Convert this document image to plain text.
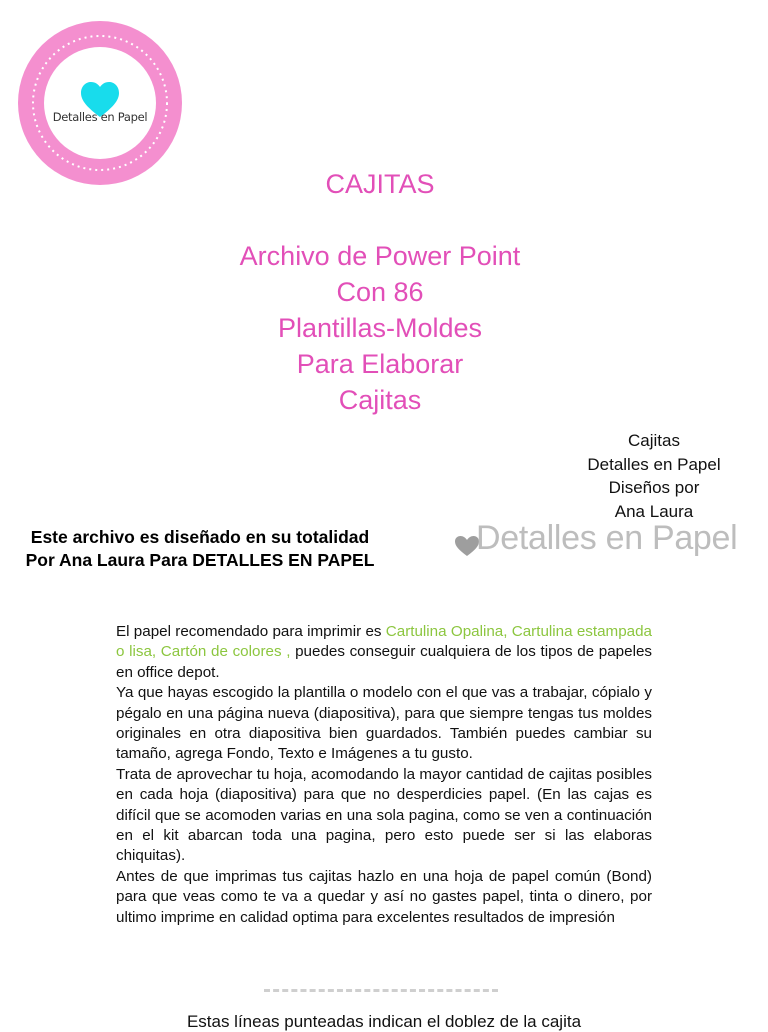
Detalles en Papel
CAJITAS
Archivo de Power Point
Con 86
Plantillas-Moldes
Para Elaborar
Cajitas
Cajitas
Detalles en Papel
Diseños por
Ana Laura
Este archivo es diseñado en su totalidad
Por Ana Laura Para DETALLES EN PAPEL
Detalles en Papel

El papel recomendado para imprimir es Cartulina Opalina, Cartulina estampada o lisa, Cartón de colores , puedes conseguir cualquiera de los tipos de papeles en office depot.

Ya que hayas escogido la plantilla o modelo con el que vas a trabajar, cópialo y pégalo en una página nueva (diapositiva), para que siempre tengas tus moldes originales en otra diapositiva bien guardados. También puedes cambiar su tamaño, agrega Fondo, Texto e Imágenes a tu gusto.

Trata de aprovechar tu hoja, acomodando la mayor cantidad de cajitas posibles en cada hoja (diapositiva) para que no desperdicies papel. (En las cajas es difícil que se acomoden varias en una sola pagina, como se ven a continuación en el kit abarcan toda una pagina, pero esto puede ser si las elaboras chiquitas).

Antes de que imprimas tus cajitas hazlo en una hoja de papel común (Bond) para que veas como te va a quedar y así no gastes papel, tinta o dinero, por ultimo imprime en calidad optima para excelentes resultados de impresión

Estas líneas punteadas indican el doblez de la cajita
